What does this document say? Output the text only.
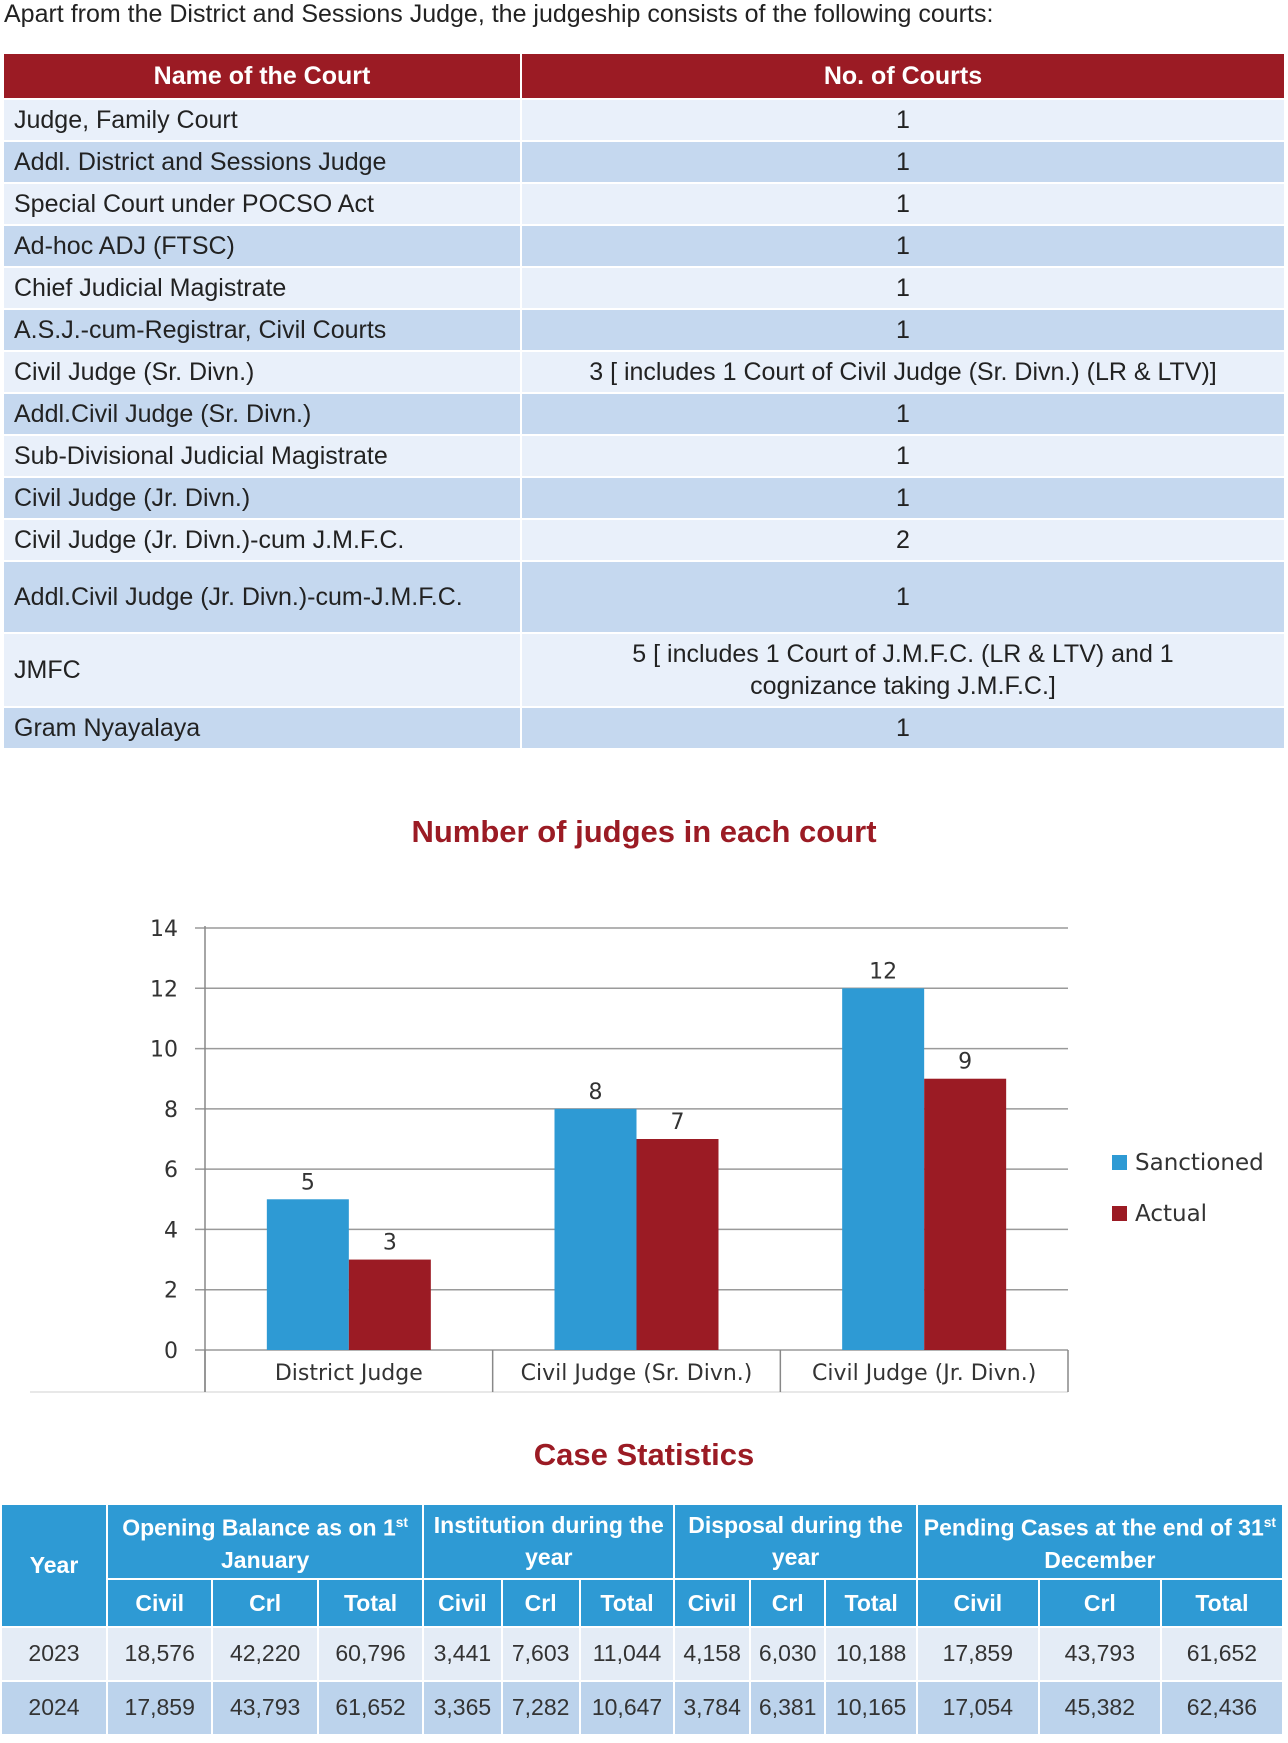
Apart from the District and Sessions Judge, the judgeship consists of the following courts:
Name of the Court	No. of Courts
Judge, Family Court	1
Addl. District and Sessions Judge	1
Special Court under POCSO Act	1
Ad-hoc ADJ (FTSC)	1
Chief Judicial Magistrate	1
A.S.J.-cum-Registrar, Civil Courts	1
Civil Judge (Sr. Divn.)	3 [ includes 1 Court of Civil Judge (Sr. Divn.) (LR & LTV)]
Addl.Civil Judge (Sr. Divn.)	1
Sub-Divisional Judicial Magistrate	1
Civil Judge (Jr. Divn.)	1
Civil Judge (Jr. Divn.)-cum J.M.F.C.	2
Addl.Civil Judge (Jr. Divn.)-cum-J.M.F.C.	1
JMFC	5 [ includes 1 Court of J.M.F.C. (LR & LTV) and 1 cognizance taking J.M.F.C.]
Gram Nyayalaya	1
Number of judges in each court
0
2
4
6
8
10
12
14
5
3
District Judge
8
7
Civil Judge (Sr. Divn.)
12
9
Civil Judge (Jr. Divn.)
Sanctioned
Actual
Case Statistics
Year	Opening Balance as on 1st January			Institution during the year			Disposal during the year			Pending Cases at the end of 31st December		
	Civil	Crl	Total	Civil	Crl	Total	Civil	Crl	Total	Civil	Crl	Total
2023	18,576	42,220	60,796	3,441	7,603	11,044	4,158	6,030	10,188	17,859	43,793	61,652
2024	17,859	43,793	61,652	3,365	7,282	10,647	3,784	6,381	10,165	17,054	45,382	62,436
